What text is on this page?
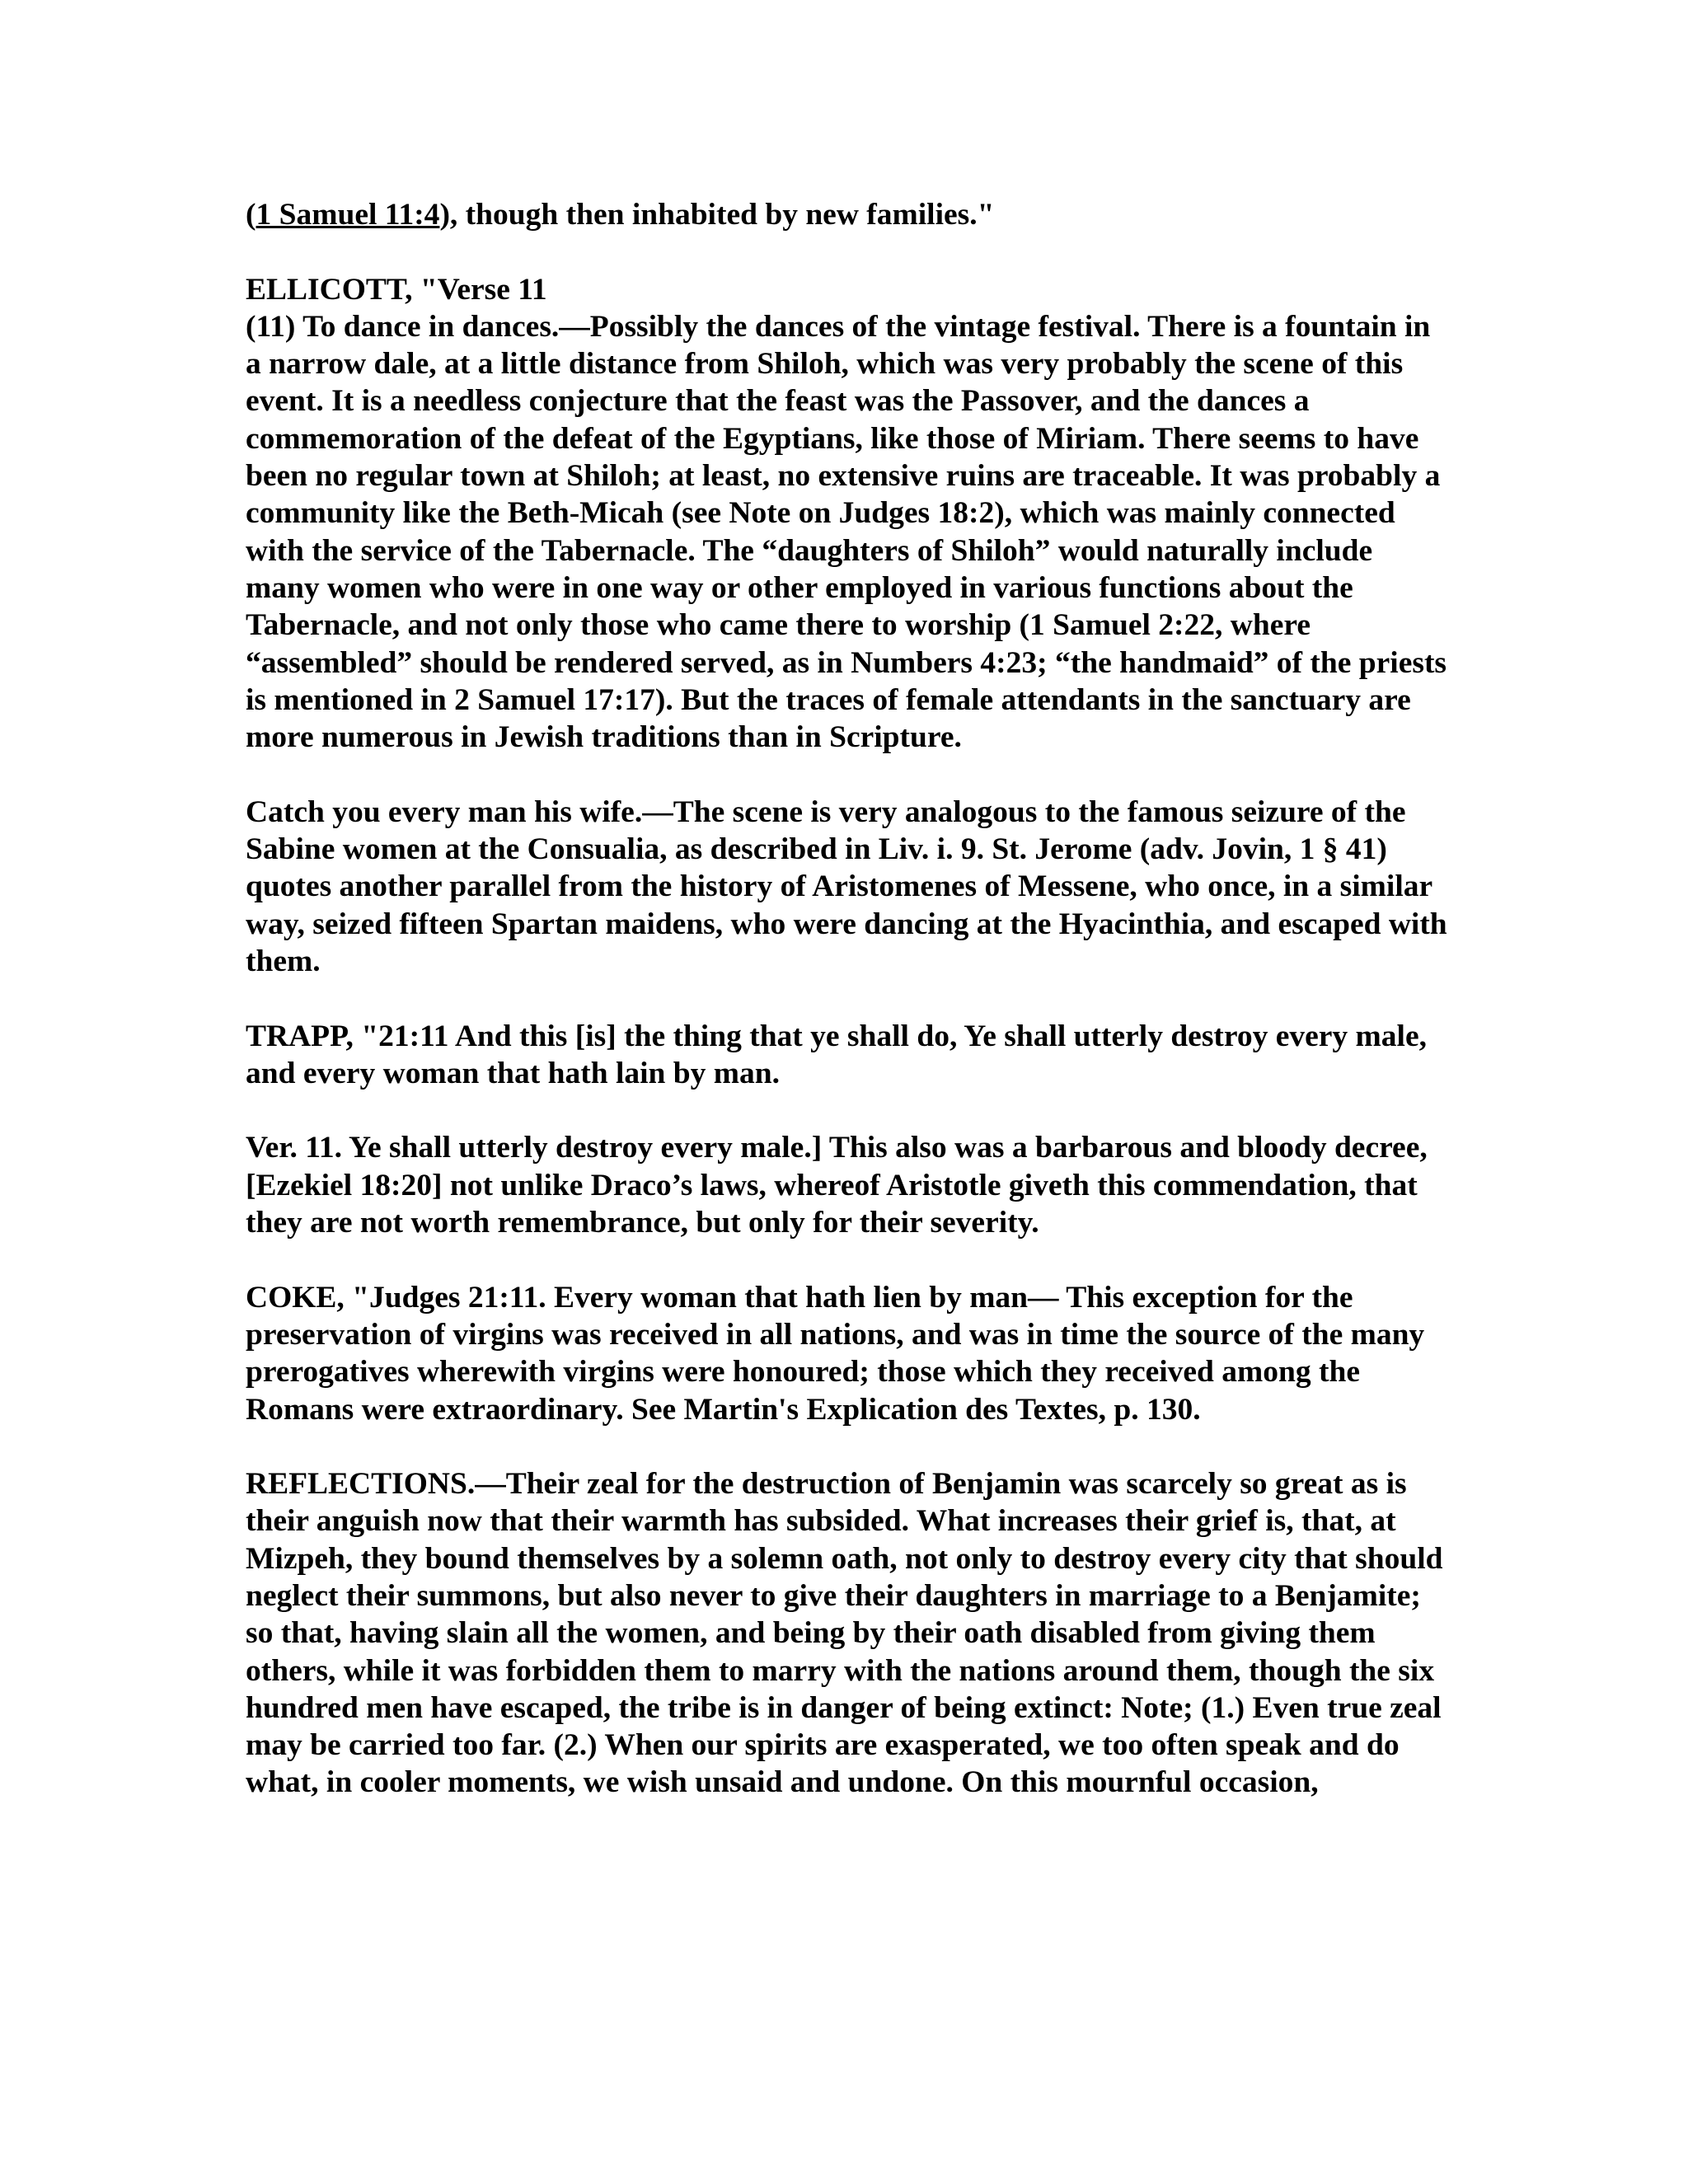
(1 Samuel 11:4), though then inhabited by new families."

ELLICOTT, "Verse 11
(11) To dance in dances.—Possibly the dances of the vintage festival. There is a fountain in a narrow dale, at a little distance from Shiloh, which was very probably the scene of this event. It is a needless conjecture that the feast was the Passover, and the dances a commemoration of the defeat of the Egyptians, like those of Miriam. There seems to have been no regular town at Shiloh; at least, no extensive ruins are traceable. It was probably a community like the Beth-Micah (see Note on Judges 18:2), which was mainly connected with the service of the Tabernacle. The “daughters of Shiloh” would naturally include many women who were in one way or other employed in various functions about the Tabernacle, and not only those who came there to worship (1 Samuel 2:22, where “assembled” should be rendered served, as in Numbers 4:23; “the handmaid” of the priests is mentioned in 2 Samuel 17:17). But the traces of female attendants in the sanctuary are more numerous in Jewish traditions than in Scripture.

Catch you every man his wife.—The scene is very analogous to the famous seizure of the Sabine women at the Consualia, as described in Liv. i. 9. St. Jerome (adv. Jovin, 1 § 41) quotes another parallel from the history of Aristomenes of Messene, who once, in a similar way, seized fifteen Spartan maidens, who were dancing at the Hyacinthia, and escaped with them.

TRAPP, "21:11 And this [is] the thing that ye shall do, Ye shall utterly destroy every male, and every woman that hath lain by man.

Ver. 11. Ye shall utterly destroy every male.] This also was a barbarous and bloody decree, [Ezekiel 18:20] not unlike Draco’s laws, whereof Aristotle giveth this commendation, that they are not worth remembrance, but only for their severity.

COKE, "Judges 21:11. Every woman that hath lien by man— This exception for the preservation of virgins was received in all nations, and was in time the source of the many prerogatives wherewith virgins were honoured; those which they received among the Romans were extraordinary. See Martin's Explication des Textes, p. 130.

REFLECTIONS.—Their zeal for the destruction of Benjamin was scarcely so great as is their anguish now that their warmth has subsided. What increases their grief is, that, at Mizpeh, they bound themselves by a solemn oath, not only to destroy every city that should neglect their summons, but also never to give their daughters in marriage to a Benjamite; so that, having slain all the women, and being by their oath disabled from giving them others, while it was forbidden them to marry with the nations around them, though the six hundred men have escaped, the tribe is in danger of being extinct: Note; (1.) Even true zeal may be carried too far. (2.) When our spirits are exasperated, we too often speak and do what, in cooler moments, we wish unsaid and undone. On this mournful occasion,
